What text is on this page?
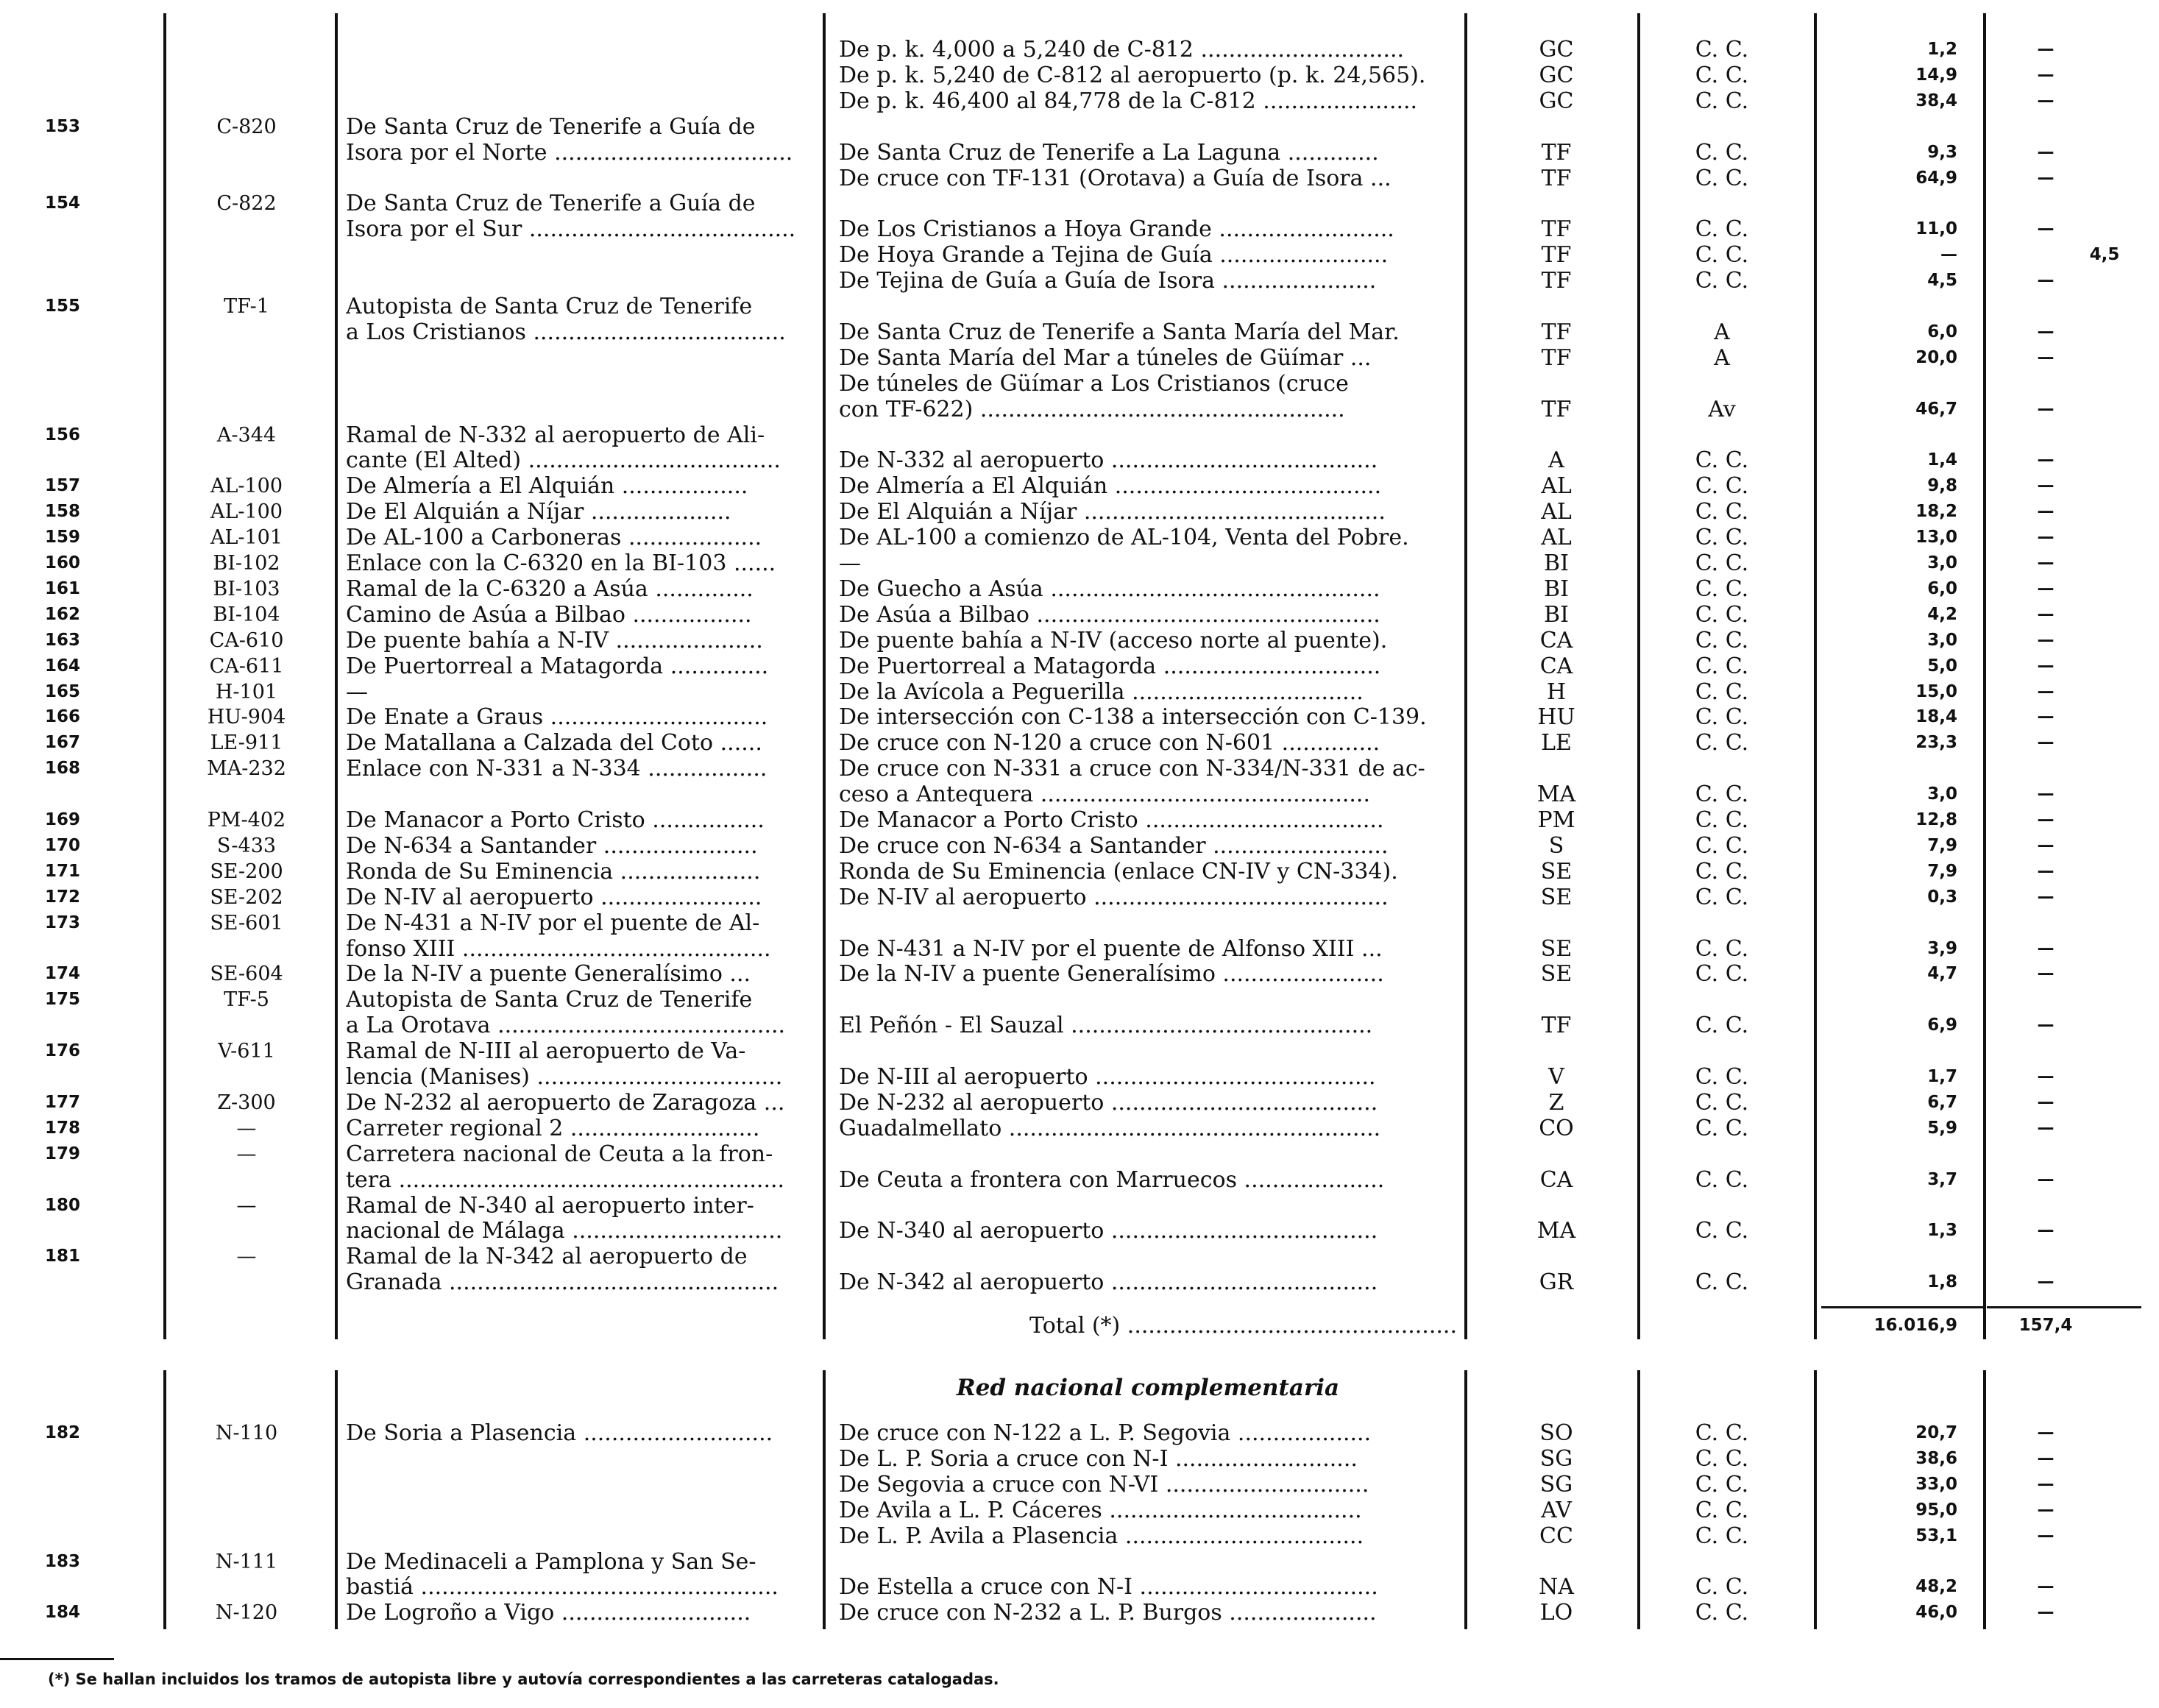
De p. k. 4,000 a 5,240 de C-812 .............................	GC	C. C.	1,2	—
De p. k. 5,240 de C-812 al aeropuerto (p. k. 24,565).	GC	C. C.	14,9	—
De p. k. 46,400 al 84,778 de la C-812 ......................	GC	C. C.	38,4	—
153	C-820	De Santa Cruz de Tenerife a Guía de
Isora por el Norte ..................................	De Santa Cruz de Tenerife a La Laguna .............	TF	C. C.	9,3	—
De cruce con TF-131 (Orotava) a Guía de Isora ...	TF	C. C.	64,9	—
154	C-822	De Santa Cruz de Tenerife a Guía de
Isora por el Sur ......................................	De Los Cristianos a Hoya Grande .........................	TF	C. C.	11,0	—
De Hoya Grande a Tejina de Guía ........................	TF	C. C.	—	4,5
De Tejina de Guía a Guía de Isora ......................	TF	C. C.	4,5	—
155	TF-1	Autopista de Santa Cruz de Tenerife
a Los Cristianos ....................................	De Santa Cruz de Tenerife a Santa María del Mar.	TF	A	6,0	—
De Santa María del Mar a túneles de Güímar ...	TF	A	20,0	—
De túneles de Güímar a Los Cristianos (cruce
con TF-622) ....................................................	TF	Av	46,7	—
156	A-344	Ramal de N-332 al aeropuerto de Ali-
cante (El Alted) ....................................	De N-332 al aeropuerto ......................................	A	C. C.	1,4	—
157	AL-100	De Almería a El Alquián ..................	De Almería a El Alquián ......................................	AL	C. C.	9,8	—
158	AL-100	De El Alquián a Níjar ....................	De El Alquián a Níjar ...........................................	AL	C. C.	18,2	—
159	AL-101	De AL-100 a Carboneras ...................	De AL-100 a comienzo de AL-104, Venta del Pobre.	AL	C. C.	13,0	—
160	BI-102	Enlace con la C-6320 en la BI-103 ......	—	BI	C. C.	3,0	—
161	BI-103	Ramal de la C-6320 a Asúa ..............	De Guecho a Asúa ...............................................	BI	C. C.	6,0	—
162	BI-104	Camino de Asúa a Bilbao .................	De Asúa a Bilbao .................................................	BI	C. C.	4,2	—
163	CA-610	De puente bahía a N-IV .....................	De puente bahía a N-IV (acceso norte al puente).	CA	C. C.	3,0	—
164	CA-611	De Puertorreal a Matagorda ..............	De Puertorreal a Matagorda ...............................	CA	C. C.	5,0	—
165	H-101	—	De la Avícola a Peguerilla .................................	H	C. C.	15,0	—
166	HU-904	De Enate a Graus ...............................	De intersección con C-138 a intersección con C-139.	HU	C. C.	18,4	—
167	LE-911	De Matallana a Calzada del Coto ......	De cruce con N-120 a cruce con N-601 ..............	LE	C. C.	23,3	—
168	MA-232	Enlace con N-331 a N-334 .................	De cruce con N-331 a cruce con N-334/N-331 de ac-
ceso a Antequera ...............................................	MA	C. C.	3,0	—
169	PM-402	De Manacor a Porto Cristo ................	De Manacor a Porto Cristo ..................................	PM	C. C.	12,8	—
170	S-433	De N-634 a Santander ......................	De cruce con N-634 a Santander .........................	S	C. C.	7,9	—
171	SE-200	Ronda de Su Eminencia ....................	Ronda de Su Eminencia (enlace CN-IV y CN-334).	SE	C. C.	7,9	—
172	SE-202	De N-IV al aeropuerto .......................	De N-IV al aeropuerto ..........................................	SE	C. C.	0,3	—
173	SE-601	De N-431 a N-IV por el puente de Al-
fonso XIII ............................................	De N-431 a N-IV por el puente de Alfonso XIII ...	SE	C. C.	3,9	—
174	SE-604	De la N-IV a puente Generalísimo ...	De la N-IV a puente Generalísimo .......................	SE	C. C.	4,7	—
175	TF-5	Autopista de Santa Cruz de Tenerife
a La Orotava .........................................	El Peñón - El Sauzal ...........................................	TF	C. C.	6,9	—
176	V-611	Ramal de N-III al aeropuerto de Va-
lencia (Manises) ...................................	De N-III al aeropuerto ........................................	V	C. C.	1,7	—
177	Z-300	De N-232 al aeropuerto de Zaragoza ...	De N-232 al aeropuerto ......................................	Z	C. C.	6,7	—
178	—	Carreter regional 2 ...........................	Guadalmellato .....................................................	CO	C. C.	5,9	—
179	—	Carretera nacional de Ceuta a la fron-
tera .......................................................	De Ceuta a frontera con Marruecos ....................	CA	C. C.	3,7	—
180	—	Ramal de N-340 al aeropuerto inter-
nacional de Málaga ..............................	De N-340 al aeropuerto ......................................	MA	C. C.	1,3	—
181	—	Ramal de la N-342 al aeropuerto de
Granada ...............................................	De N-342 al aeropuerto ......................................	GR	C. C.	1,8	—
Total (*) ...............................................	16.016,9	157,4
Red nacional complementaria
182	N-110	De Soria a Plasencia ...........................	De cruce con N-122 a L. P. Segovia ...................	SO	C. C.	20,7	—
De L. P. Soria a cruce con N-I ..........................	SG	C. C.	38,6	—
De Segovia a cruce con N-VI .............................	SG	C. C.	33,0	—
De Avila a L. P. Cáceres ....................................	AV	C. C.	95,0	—
De L. P. Avila a Plasencia ..................................	CC	C. C.	53,1	—
183	N-111	De Medinaceli a Pamplona y San Se-
bastiá ...................................................	De Estella a cruce con N-I ..................................	NA	C. C.	48,2	—
184	N-120	De Logroño a Vigo ...........................	De cruce con N-232 a L. P. Burgos .....................	LO	C. C.	46,0	—
(*) Se hallan incluidos los tramos de autopista libre y autovía correspondientes a las carreteras catalogadas.
